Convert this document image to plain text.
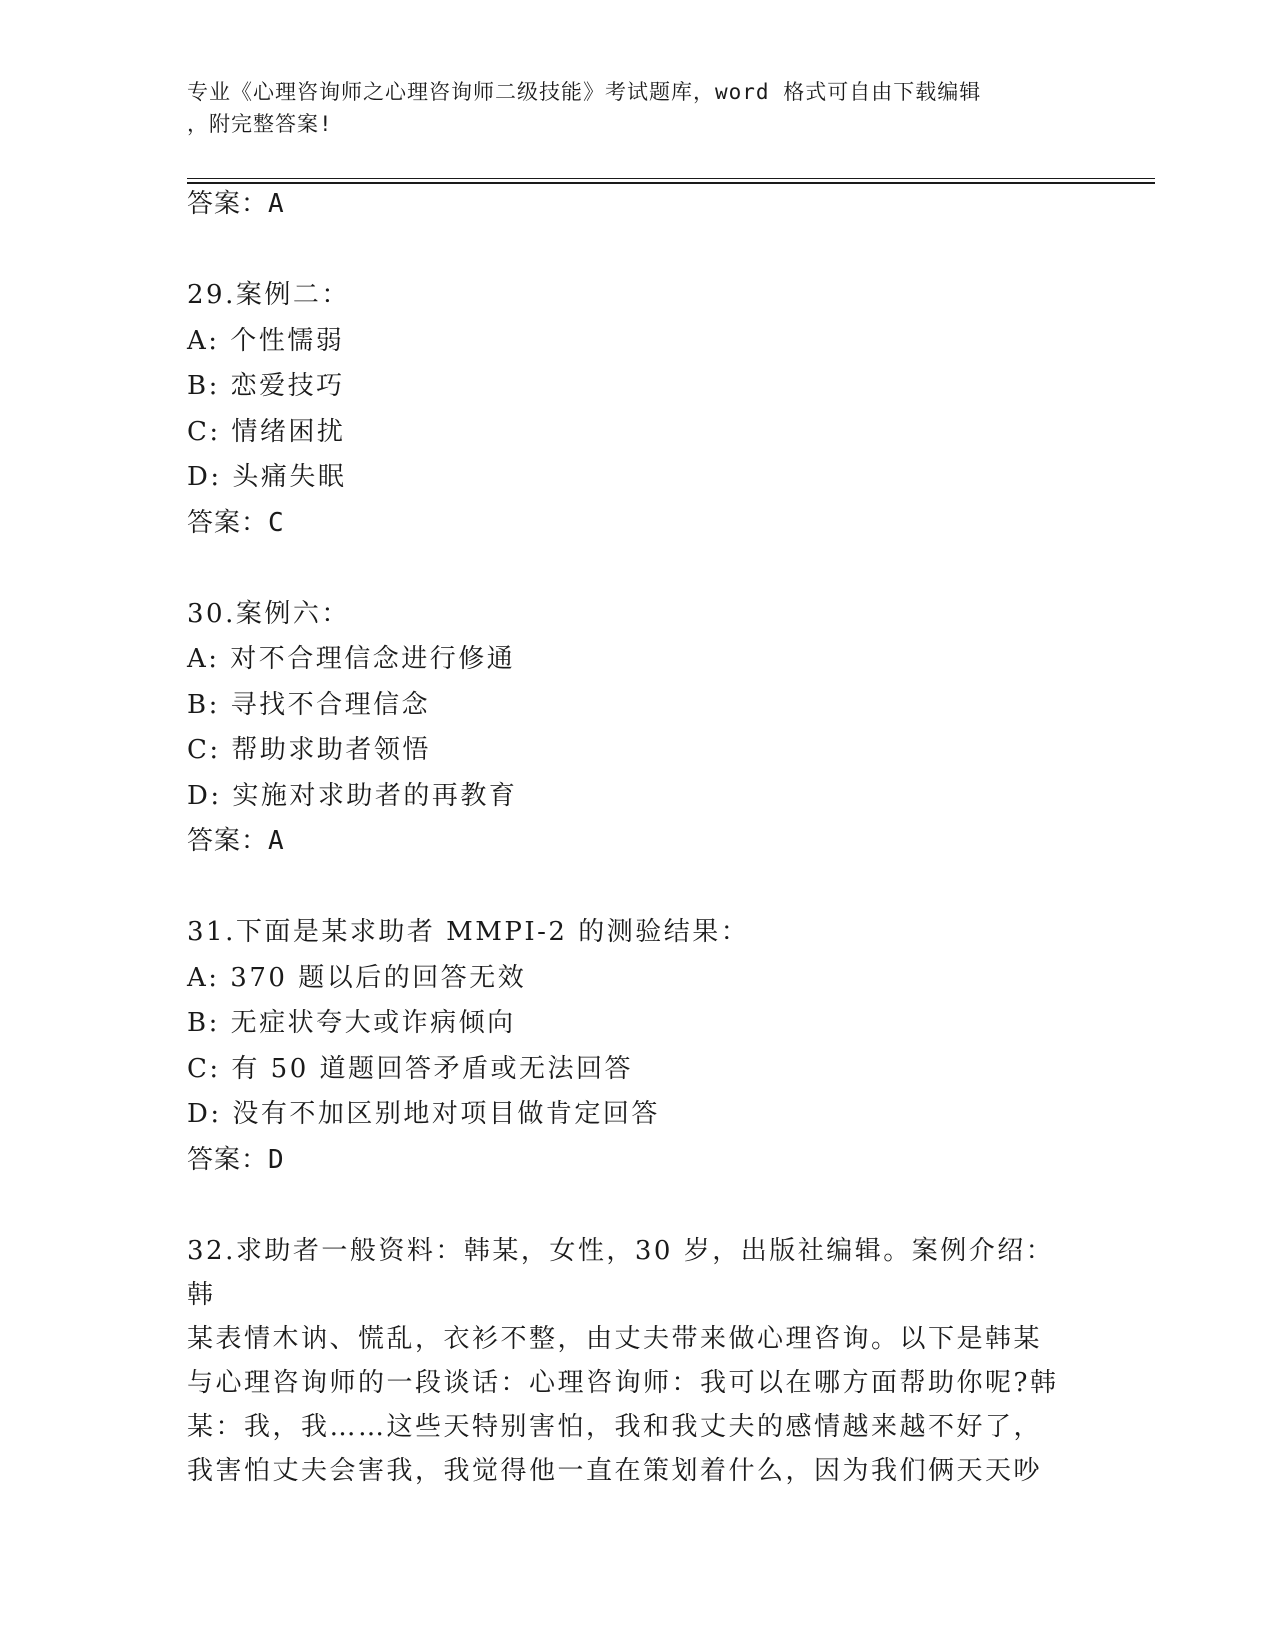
专业《心理咨询师之心理咨询师二级技能》考试题库，word 格式可自由下载编辑
，附完整答案!
答案：A
29.案例二：
A: 个性懦弱
B: 恋爱技巧
C: 情绪困扰
D: 头痛失眠
答案：C
30.案例六：
A: 对不合理信念进行修通
B: 寻找不合理信念
C: 帮助求助者领悟
D: 实施对求助者的再教育
答案：A
31.下面是某求助者 MMPI-2 的测验结果：
A: 370 题以后的回答无效
B: 无症状夸大或诈病倾向
C: 有 50 道题回答矛盾或无法回答
D: 没有不加区别地对项目做肯定回答
答案：D
32.求助者一般资料：韩某，女性，30 岁，出版社编辑。案例介绍：韩
某表情木讷、慌乱，衣衫不整，由丈夫带来做心理咨询。以下是韩某
与心理咨询师的一段谈话：心理咨询师：我可以在哪方面帮助你呢?韩
某：我，我……这些天特别害怕，我和我丈夫的感情越来越不好了，
我害怕丈夫会害我，我觉得他一直在策划着什么，因为我们俩天天吵
